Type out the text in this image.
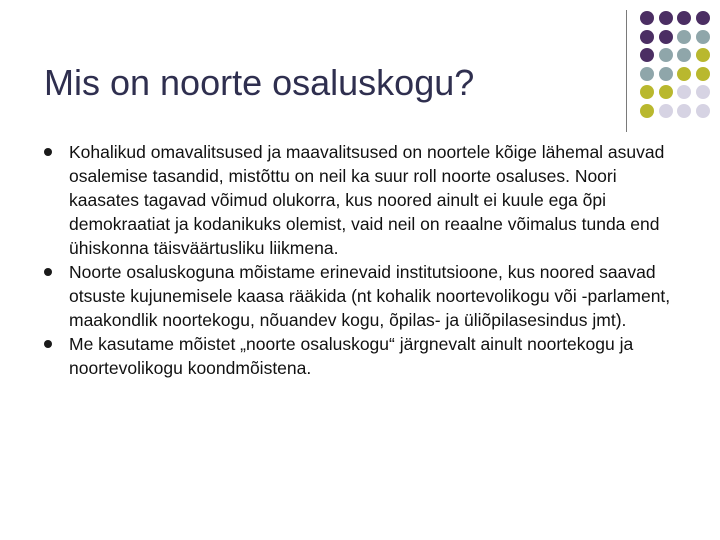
Mis on noorte osaluskogu?
Kohalikud omavalitsused ja maavalitsused on noortele kõige lähemal asuvad osalemise tasandid, mistõttu on neil ka suur roll noorte osaluses. Noori kaasates tagavad võimud olukorra, kus noored ainult ei kuule ega õpi demokraatiat ja kodanikuks olemist, vaid neil on reaalne võimalus tunda end ühiskonna täisväärtusliku liikmena.
Noorte osaluskoguna mõistame erinevaid institutsioone, kus noored saavad otsuste kujunemisele kaasa rääkida (nt kohalik noortevolikogu või -parlament, maakondlik noortekogu, nõuandev kogu, õpilas- ja üliõpilasesindus jmt).
Me kasutame mõistet „noorte osaluskogu“ järgnevalt ainult noortekogu ja noortevolikogu koondmõistena.
